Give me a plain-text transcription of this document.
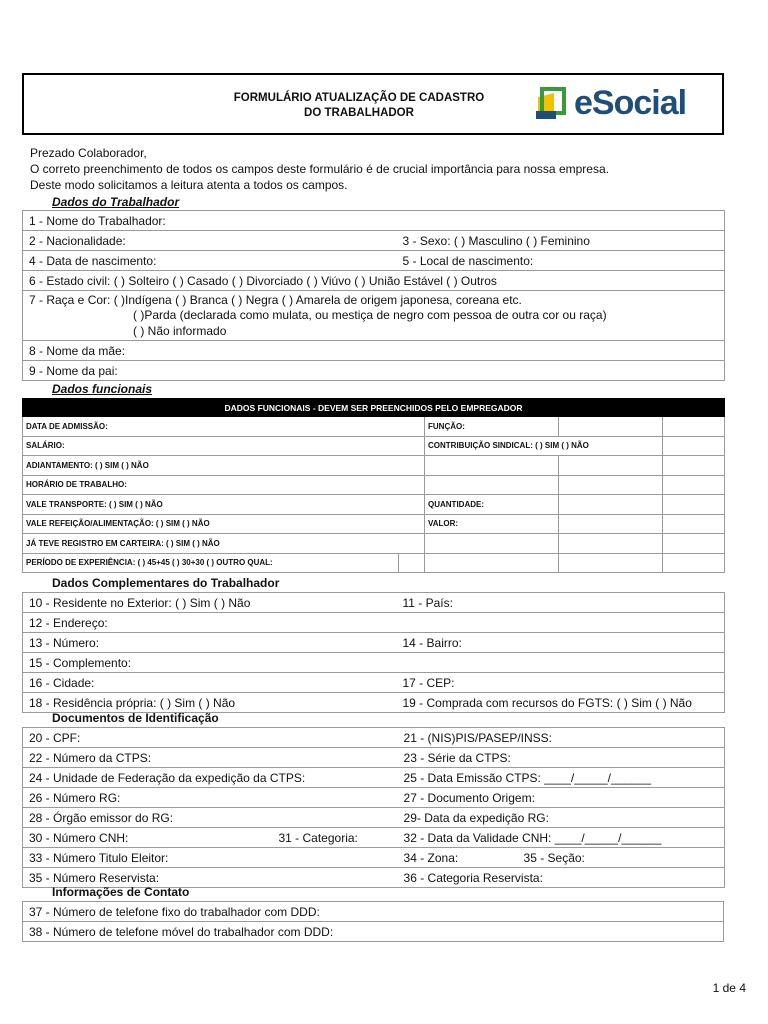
FORMULÁRIO ATUALIZAÇÃO DE CADASTRO
DO TRABALHADOR	eSocial
Prezado Colaborador,
O correto preenchimento de todos os campos deste formulário é de crucial importância para nossa empresa.
Deste modo solicitamos a leitura atenta a todos os campos.
Dados do Trabalhador
1 - Nome do Trabalhador:	
2 - Nacionalidade:	3 - Sexo: ( ) Masculino ( ) Feminino
4 - Data de nascimento:	5 - Local de nascimento:
6 - Estado civil: ( ) Solteiro ( ) Casado ( ) Divorciado ( ) Viúvo ( ) União Estável ( ) Outros	

7 - Raça e Cor: ( )Indígena ( ) Branca ( ) Negra ( ) Amarela de origem japonesa, coreana etc.
( )Parda (declarada como mulata, ou mestiça de negro com pessoa de outra cor ou raça)
( ) Não informado	

8 - Nome da mãe:	
9 - Nome da pai:	
Dados funcionais
DADOS FUNCIONAIS - DEVEM SER PREENCHIDOS PELO EMPREGADOR				
DATA DE ADMISSÃO:		FUNÇÃO:		
SALÁRIO:		CONTRIBUIÇÃO SINDICAL: ( ) SIM ( ) NÃO		
ADIANTAMENTO: ( ) SIM ( ) NÃO				
HORÁRIO DE TRABALHO:				
VALE TRANSPORTE: ( ) SIM ( ) NÃO		QUANTIDADE:		
VALE REFEIÇÃO/ALIMENTAÇÃO: ( ) SIM ( ) NÃO		VALOR:		
JÁ TEVE REGISTRO EM CARTEIRA: ( ) SIM ( ) NÃO				
PERÍODO DE EXPERIÊNCIA: ( ) 45+45 ( ) 30+30 ( ) OUTRO QUAL:				
Dados Complementares do Trabalhador
10 - Residente no Exterior: ( ) Sim ( ) Não	11 - País:
12 - Endereço:	
13 - Número:	14 - Bairro:
15 - Complemento:	
16 - Cidade:	17 - CEP:
18 - Residência própria: ( ) Sim ( ) Não	19 - Comprada com recursos do FGTS: ( ) Sim ( ) Não
Documentos de Identificação
20 - CPF:		21 - (NIS)PIS/PASEP/INSS:	
22 - Número da CTPS:		23 - Série da CTPS:	
24 - Unidade de Federação da expedição da CTPS:		25 - Data Emissão CTPS: ____/_____/______	
26 - Número RG:		27 - Documento Origem:	
28 - Órgão emissor do RG:		29- Data da expedição RG:	
30 - Número CNH:	31 - Categoria:	32 - Data da Validade CNH: ____/_____/______	
33 - Número Titulo Eleitor:		34 - Zona:	35 - Seção:
35 - Número Reservista:		36 - Categoria Reservista:	
Informações de Contato
37 - Número de telefone fixo do trabalhador com DDD:
38 - Número de telefone móvel do trabalhador com DDD:
1 de 4
